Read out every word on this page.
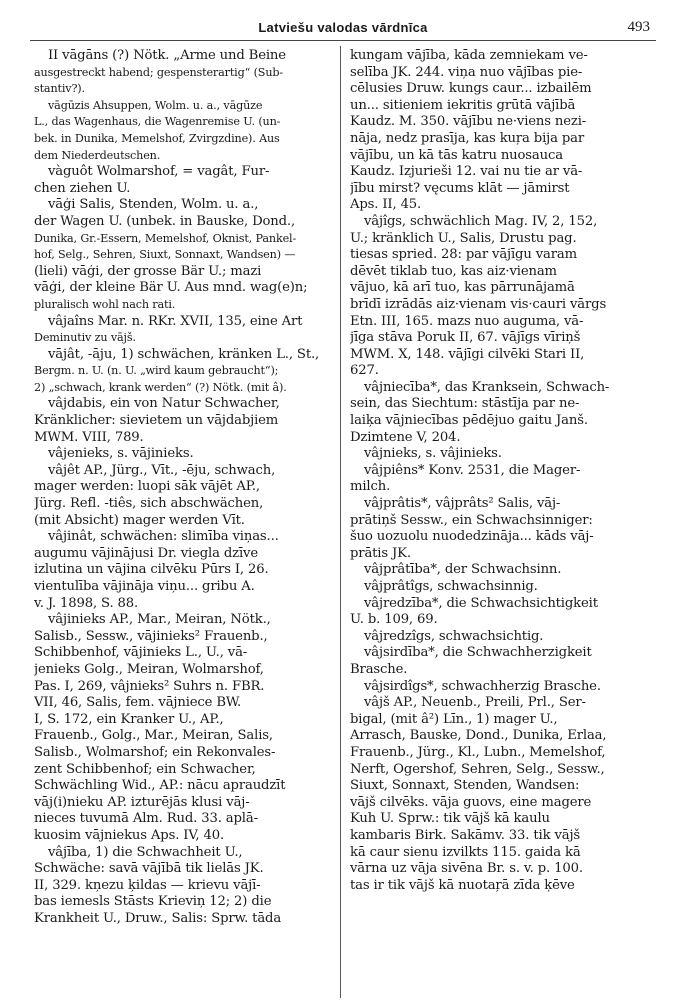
Latviešu valodas vārdnīca	493
II vāgāns (?) Nötk. „Arme und Beine
ausgestreckt habend; gespensterartig“ (Sub-
stantiv?).
vāgūzis Ahsuppen, Wolm. u. a., vāgūze
L., das Wagenhaus, die Wagenremise U. (un-
bek. in Dunika, Memelshof, Zvirgzdine). Aus
dem Niederdeutschen.
vàguôt Wolmarshof, = vagât, Fur-
chen ziehen U.
vāģi Salis, Stenden, Wolm. u. a.,
der Wagen U. (unbek. in Bauske, Dond.,
Dunika, Gr.-Essern, Memelshof, Oknist, Pankel-
hof, Selg., Sehren, Siuxt, Sonnaxt, Wandsen) —
(lieli) vāģi, der grosse Bär U.; mazi
vāģi, der kleine Bär U. Aus mnd. wag(e)n;
pluralisch wohl nach rati.
vâjaîns Mar. n. RKr. XVII, 135, eine Art
Deminutiv zu vājš.
vājât, -āju, 1) schwächen, kränken L., St.,
Bergm. n. U. (n. U. „wird kaum gebraucht“);
2) „schwach, krank werden“ (?) Nötk. (mit â).
vâjdabis, ein von Natur Schwacher,
Kränklicher: sievietem un vājdabjiem
MWM. VIII, 789.
vâjenieks, s. vājinieks.
vâjêt AP., Jürg., Vīt., -ēju, schwach,
mager werden: luopi sāk vājēt AP.,
Jürg. Refl. -tiês, sich abschwächen,
(mit Absicht) mager werden Vīt.
vâjinât, schwächen: slimība viņas...
augumu vājinājusi Dr. viegla dzīve
izlutina un vājina cilvēku Pūrs I, 26.
vientulība vājināja viņu... gribu A.
v. J. 1898, S. 88.
vâjinieks AP., Mar., Meiran, Nötk.,
Salisb., Sessw., vājinieks² Frauenb.,
Schibbenhof, vājinieks L., U., vā-
jenieks Golg., Meiran, Wolmarshof,
Pas. I, 269, vâjnieks² Suhrs n. FBR.
VII, 46, Salis, fem. vājniece BW.
I, S. 172, ein Kranker U., AP.,
Frauenb., Golg., Mar., Meiran, Salis,
Salisb., Wolmarshof; ein Rekonvales-
zent Schibbenhof; ein Schwacher,
Schwächling Wid., AP.: nācu apraudzīt
vāj(i)nieku AP. izturējās klusi vāj-
nieces tuvumā Alm. Rud. 33. aplā-
kuosim vājniekus Aps. IV, 40.
vâjība, 1) die Schwachheit U.,
Schwäche: savā vājībā tik lielās JK.
II, 329. kņezu ķildas — krievu vājī-
bas iemesls Stāsts Krieviņ 12; 2) die
Krankheit U., Druw., Salis: Sprw. tāda
kungam vājība, kāda zemniekam ve-
selība JK. 244. viņa nuo vājības pie-
cēlusies Druw. kungs caur... izbailēm
un... sitieniem iekritis grūtā vājībā
Kaudz. M. 350. vājību ne·viens nezi-
nāja, nedz prasīja, kas kuŗa bija par
vājību, un kā tās katru nuosauca
Kaudz. Izjurieši 12. vai nu tie ar vā-
jību mirst? vęcums klāt — jāmirst
Aps. II, 45.
vâjîgs, schwächlich Mag. IV, 2, 152,
U.; kränklich U., Salis, Drustu pag.
tiesas spried. 28: par vājīgu varam
dēvēt tiklab tuo, kas aiz·vienam
vājuo, kā arī tuo, kas pārrunājamā
brīdī izrādās aiz·vienam vis·cauri vārgs
Etn. III, 165. mazs nuo auguma, vā-
jīga stāva Poruk II, 67. vājīgs vīriņš
MWM. X, 148. vājīgi cilvēki Stari II,
627.
vâjniecība*, das Kranksein, Schwach-
sein, das Siechtum: stāstīja par ne-
laiķa vājniecības pēdējuo gaitu Janš.
Dzimtene V, 204.
vâjnieks, s. vâjinieks.
vâjpiêns* Konv. 2531, die Mager-
milch.
vâjprâtis*, vâjprâts² Salis, vāj-
prātiņš Sessw., ein Schwachsinniger:
šuo uozuolu nuodedzināja... kāds vāj-
prātis JK.
vâjprâtība*, der Schwachsinn.
vâjprâtîgs, schwachsinnig.
vâjredzība*, die Schwachsichtigkeit
U. b. 109, 69.
vâjredzîgs, schwachsichtig.
vâjsirdība*, die Schwachherzigkeit
Brasche.
vâjsirdîgs*, schwachherzig Brasche.
vâjš AP., Neuenb., Preili, Prl., Ser-
bigal, (mit â²) Līn., 1) mager U.,
Arrasch, Bauske, Dond., Dunika, Erlaa,
Frauenb., Jürg., Kl., Lubn., Memelshof,
Nerft, Ogershof, Sehren, Selg., Sessw.,
Siuxt, Sonnaxt, Stenden, Wandsen:
vājš cilvēks. vāja guovs, eine magere
Kuh U. Sprw.: tik vājš kā kaulu
kambaris Birk. Sakāmv. 33. tik vājš
kā caur sienu izvilkts 115. gaida kā
vārna uz vāja sivēna Br. s. v. p. 100.
tas ir tik vājš kā nuotaŗā zīda ķēve
